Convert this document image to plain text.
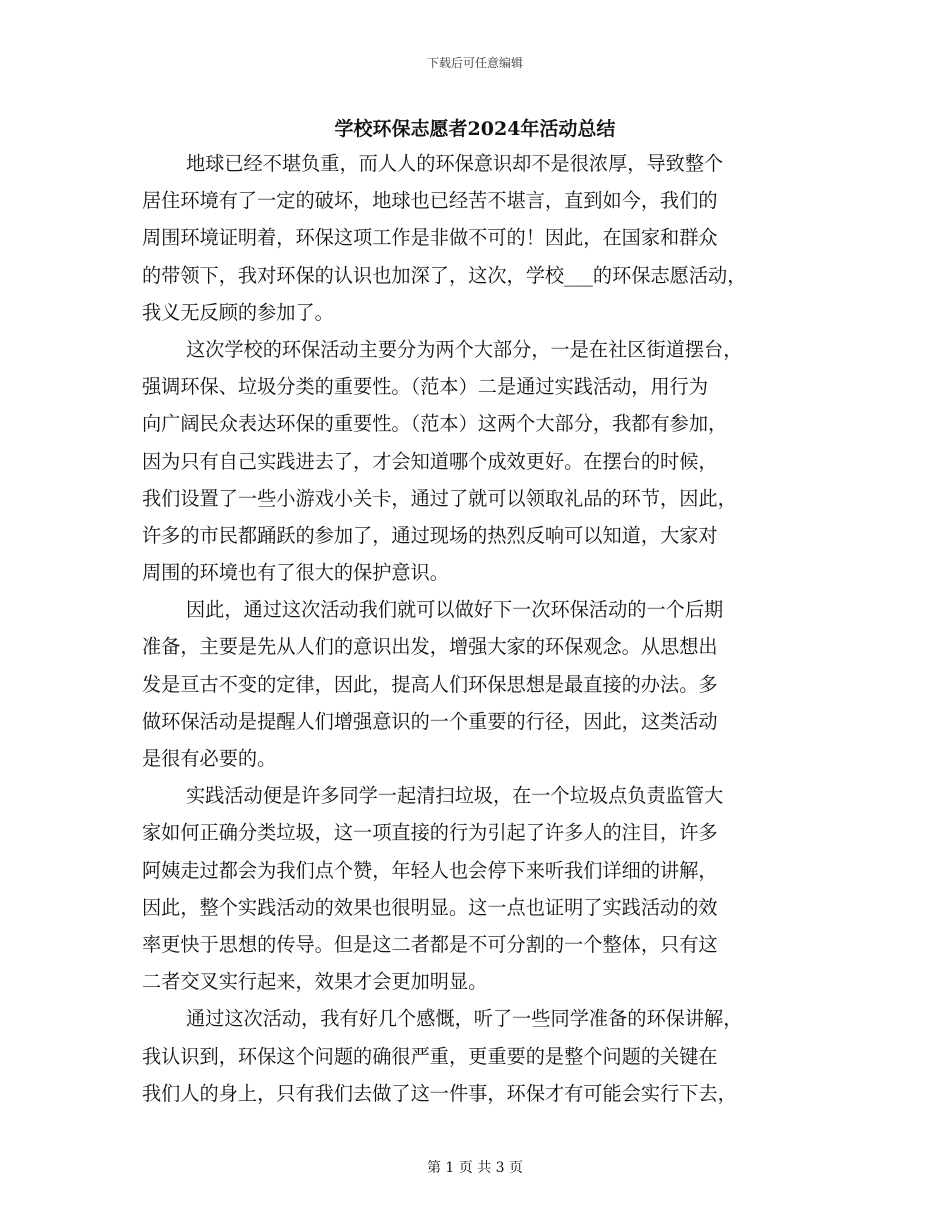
下载后可任意编辑
学校环保志愿者2024年活动总结
地球已经不堪负重，而人人的环保意识却不是很浓厚，导致整个
居住环境有了一定的破坏，地球也已经苦不堪言，直到如今，我们的
周围环境证明着，环保这项工作是非做不可的！因此，在国家和群众
的带领下，我对环保的认识也加深了，这次，学校___的环保志愿活动，
我义无反顾的参加了。
这次学校的环保活动主要分为两个大部分，一是在社区街道摆台，
强调环保、垃圾分类的重要性。（范本）二是通过实践活动，用行为
向广阔民众表达环保的重要性。（范本）这两个大部分，我都有参加，
因为只有自己实践进去了，才会知道哪个成效更好。在摆台的时候，
我们设置了一些小游戏小关卡，通过了就可以领取礼品的环节，因此，
许多的市民都踊跃的参加了，通过现场的热烈反响可以知道，大家对
周围的环境也有了很大的保护意识。
因此，通过这次活动我们就可以做好下一次环保活动的一个后期
准备，主要是先从人们的意识出发，增强大家的环保观念。从思想出
发是亘古不变的定律，因此，提高人们环保思想是最直接的办法。多
做环保活动是提醒人们增强意识的一个重要的行径，因此，这类活动
是很有必要的。
实践活动便是许多同学一起清扫垃圾，在一个垃圾点负责监管大
家如何正确分类垃圾，这一项直接的行为引起了许多人的注目，许多
阿姨走过都会为我们点个赞，年轻人也会停下来听我们详细的讲解，
因此，整个实践活动的效果也很明显。这一点也证明了实践活动的效
率更快于思想的传导。但是这二者都是不可分割的一个整体，只有这
二者交叉实行起来，效果才会更加明显。
通过这次活动，我有好几个感慨，听了一些同学准备的环保讲解，
我认识到，环保这个问题的确很严重，更重要的是整个问题的关键在
我们人的身上，只有我们去做了这一件事，环保才有可能会实行下去，
第 1 页 共 3 页
